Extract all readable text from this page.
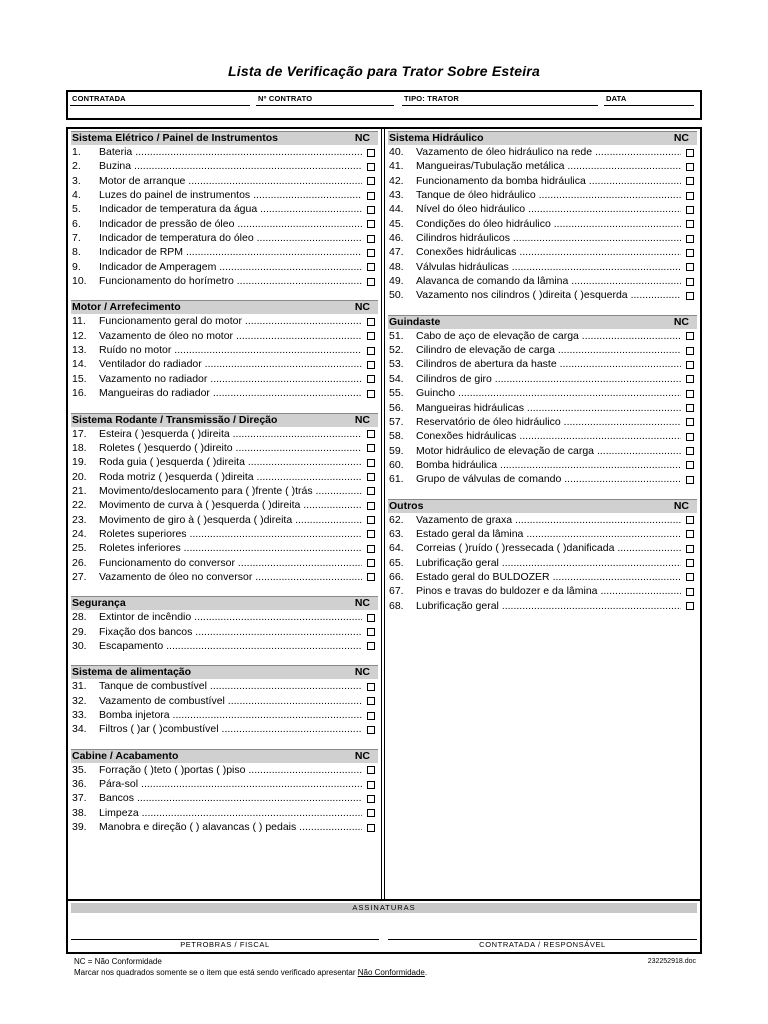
Lista de Verificação para Trator Sobre Esteira
CONTRATADA	Nº CONTRATO	TIPO: TRATOR	DATA
Sistema Elétrico / Painel de Instrumentos	NC
1.	Bateria .....
2.	Buzina .....
3.	Motor de arranque .....
4.	Luzes do painel de instrumentos .....
5.	Indicador de temperatura da água .....
6.	Indicador de pressão de óleo .....
7.	Indicador de temperatura do óleo .....
8.	Indicador de RPM .....
9.	Indicador de Amperagem .....
10.	Funcionamento do horímetro .....
Motor / Arrefecimento	NC
11.	Funcionamento geral do motor .....
12.	Vazamento de óleo no motor .....
13.	Ruído no motor .....
14.	Ventilador do radiador .....
15.	Vazamento no radiador .....
16.	Mangueiras do radiador .....
Sistema Rodante / Transmissão / Direção	NC
17.	Esteira ( )esquerda ( )direita .....
18.	Roletes ( )esquerdo ( )direito .....
19.	Roda guia ( )esquerda ( )direita .....
20.	Roda motriz ( )esquerda ( )direita .....
21.	Movimento/deslocamento para ( )frente ( )trás .....
22.	Movimento de curva à ( )esquerda ( )direita .....
23.	Movimento de giro à ( )esquerda ( )direita .....
24.	Roletes superiores .....
25.	Roletes inferiores .....
26.	Funcionamento do conversor .....
27.	Vazamento de óleo no conversor .....
Segurança	NC
28.	Extintor de incêndio .....
29.	Fixação dos bancos .....
30.	Escapamento .....
Sistema de alimentação	NC
31.	Tanque de combustível .....
32.	Vazamento de combustível .....
33.	Bomba injetora .....
34.	Filtros ( )ar ( )combustível .....
Cabine / Acabamento	NC
35.	Forração ( )teto ( )portas ( )piso .....
36.	Pára-sol .....
37.	Bancos .....
38.	Limpeza .....
39.	Manobra e direção ( ) alavancas ( ) pedais .....
Sistema Hidráulico	NC
40.	Vazamento de óleo hidráulico na rede .....
41.	Mangueiras/Tubulação metálica .....
42.	Funcionamento da bomba hidráulica .....
43.	Tanque de óleo hidráulico .....
44.	Nível do óleo hidráulico .....
45.	Condições do óleo hidráulico .....
46.	Cilindros hidráulicos .....
47.	Conexões hidráulicas .....
48.	Válvulas hidráulicas .....
49.	Alavanca de comando da lâmina .....
50.	Vazamento nos cilindros ( )direita ( )esquerda .....
Guindaste	NC
51.	Cabo de aço de elevação de carga .....
52.	Cilindro de elevação de carga .....
53.	Cilindros de abertura da haste .....
54.	Cilindros de giro .....
55.	Guincho .....
56.	Mangueiras hidráulicas .....
57.	Reservatório de óleo hidráulico .....
58.	Conexões hidráulicas .....
59.	Motor hidráulico de elevação de carga .....
60.	Bomba hidráulica .....
61.	Grupo de válvulas de comando .....
Outros	NC
62.	Vazamento de graxa .....
63.	Estado geral da lâmina .....
64.	Correias ( )ruído ( )ressecada ( )danificada .....
65.	Lubrificação geral .....
66.	Estado geral do BULDOZER .....
67.	Pinos e travas do buldozer e da lâmina .....
68.	Lubrificação geral .....
ASSINATURAS
PETROBRAS / FISCAL	CONTRATADA / RESPONSÁVEL
NC = Não Conformidade
Marcar nos quadrados somente se o item que está sendo verificado apresentar Não Conformidade.
232252918.doc
